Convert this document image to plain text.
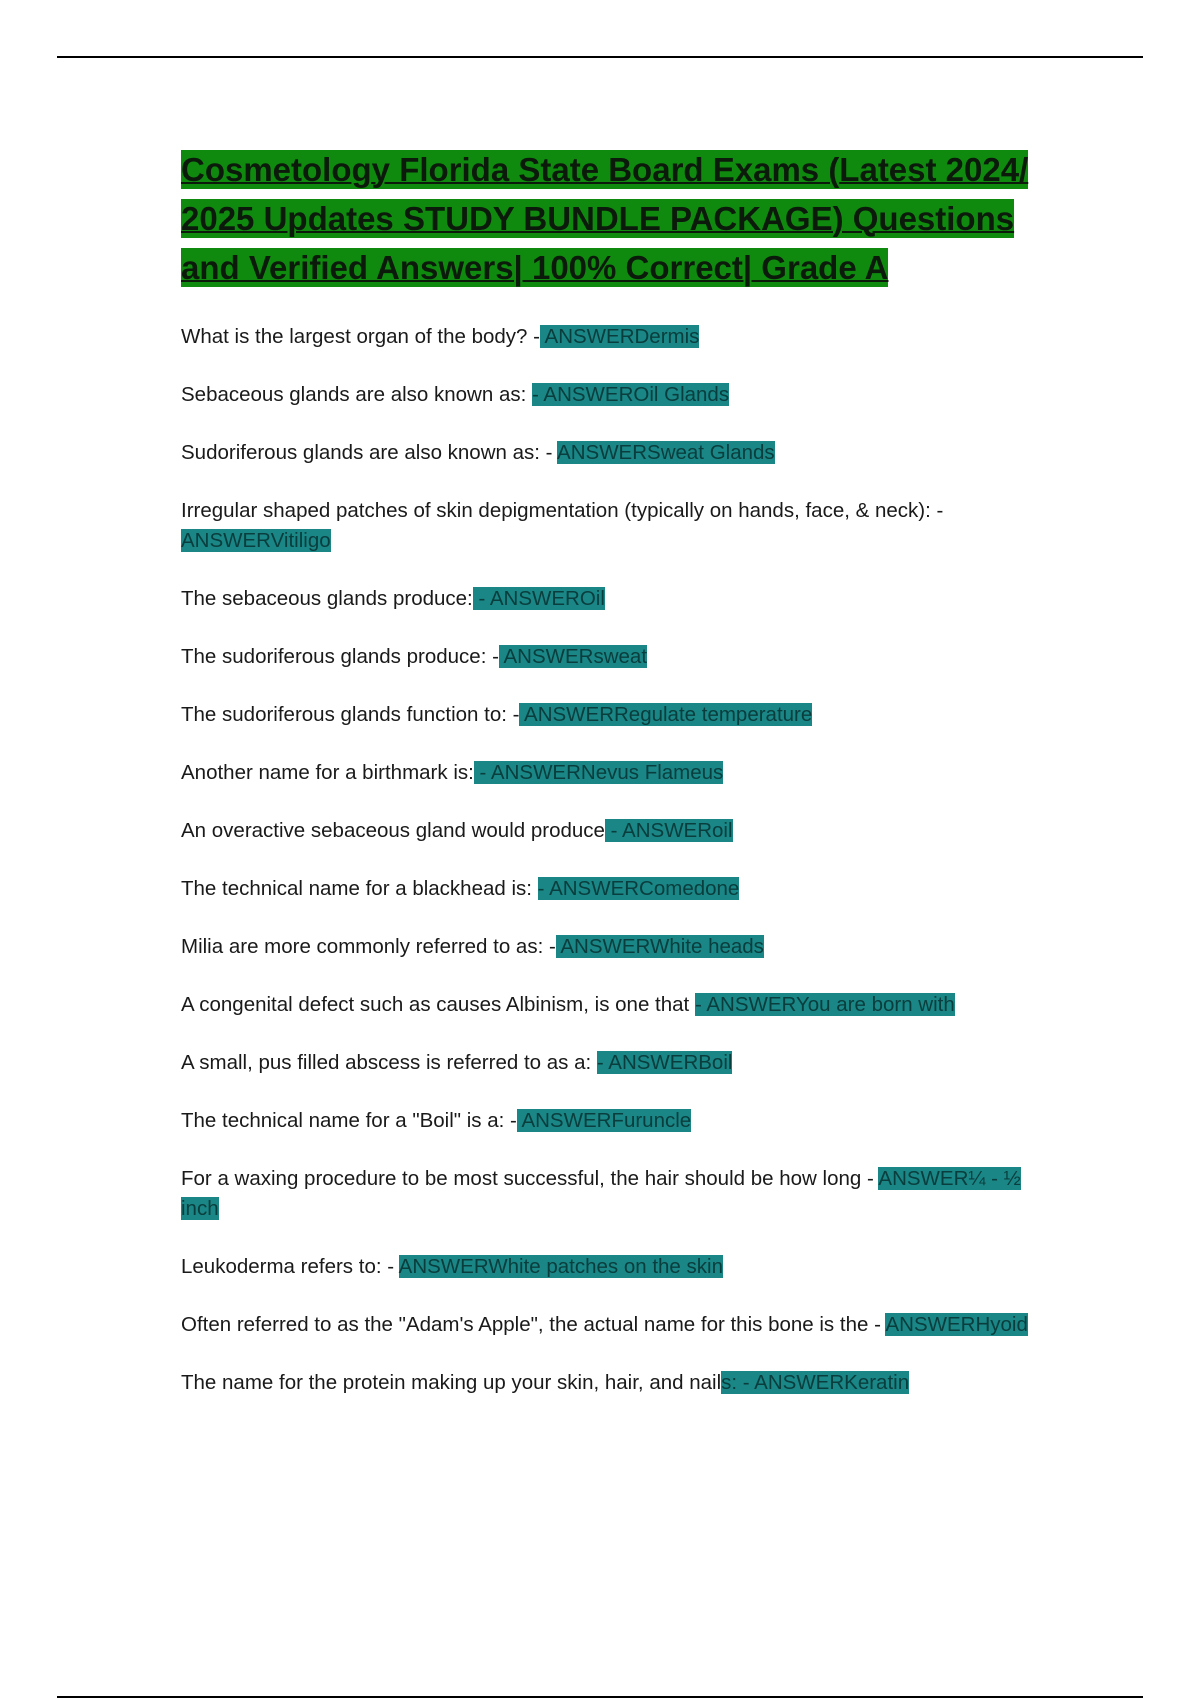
Cosmetology Florida State Board Exams (Latest 2024/ 2025 Updates STUDY BUNDLE PACKAGE) Questions and Verified Answers| 100% Correct| Grade A

What is the largest organ of the body? - ANSWERDermis

Sebaceous glands are also known as: - ANSWEROil Glands

Sudoriferous glands are also known as: - ANSWERSweat Glands

Irregular shaped patches of skin depigmentation (typically on hands, face, & neck): - ANSWERVitiligo

The sebaceous glands produce: - ANSWEROil

The sudoriferous glands produce: - ANSWERsweat

The sudoriferous glands function to: - ANSWERRegulate temperature

Another name for a birthmark is: - ANSWERNevus Flameus

An overactive sebaceous gland would produce - ANSWERoil

The technical name for a blackhead is: - ANSWERComedone

Milia are more commonly referred to as: - ANSWERWhite heads

A congenital defect such as causes Albinism, is one that - ANSWERYou are born with

A small, pus filled abscess is referred to as a: - ANSWERBoil

The technical name for a "Boil" is a: - ANSWERFuruncle

For a waxing procedure to be most successful, the hair should be how long - ANSWER¼ - ½ inch

Leukoderma refers to: - ANSWERWhite patches on the skin

Often referred to as the "Adam's Apple", the actual name for this bone is the - ANSWERHyoid

The name for the protein making up your skin, hair, and nails: - ANSWERKeratin
